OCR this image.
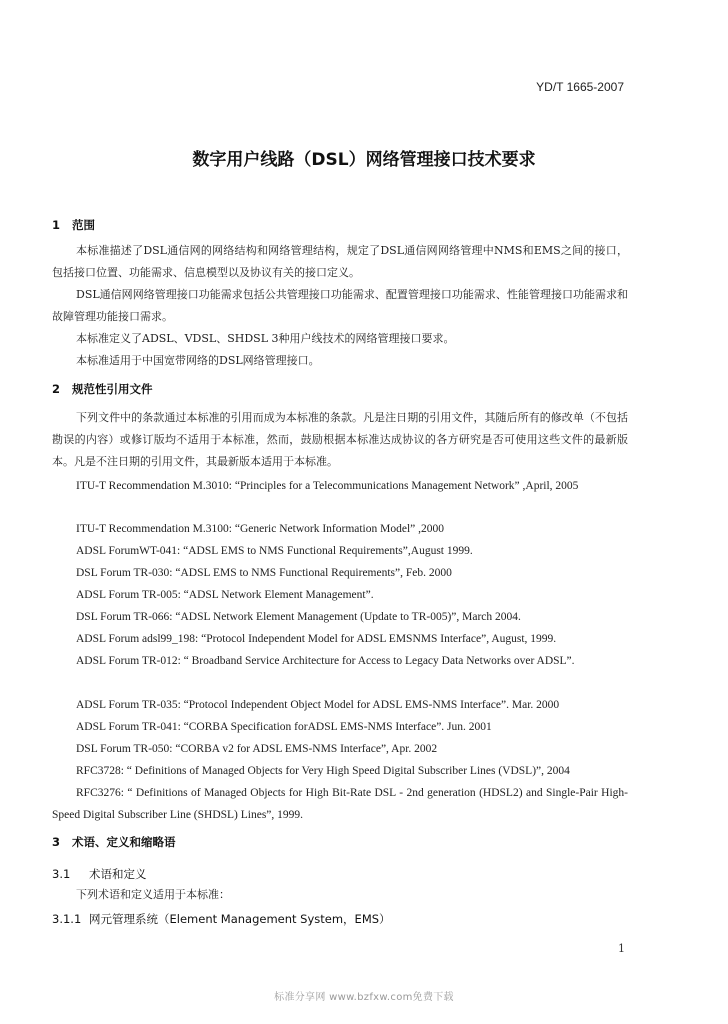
YD/T 1665-2007
数字用户线路（DSL）网络管理接口技术要求
1 范围
本标准描述了DSL通信网的网络结构和网络管理结构，规定了DSL通信网网络管理中NMS和EMS之间的接口，包括接口位置、功能需求、信息模型以及协议有关的接口定义。
DSL通信网网络管理接口功能需求包括公共管理接口功能需求、配置管理接口功能需求、性能管理接口功能需求和故障管理功能接口需求。
本标准定义了ADSL、VDSL、SHDSL 3种用户线技术的网络管理接口要求。
本标准适用于中国宽带网络的DSL网络管理接口。
2 规范性引用文件
下列文件中的条款通过本标准的引用而成为本标准的条款。凡是注日期的引用文件，其随后所有的修改单（不包括勘误的内容）或修订版均不适用于本标准，然而，鼓励根据本标准达成协议的各方研究是否可使用这些文件的最新版本。凡是不注日期的引用文件，其最新版本适用于本标准。
ITU-T Recommendation M.3010: “Principles for a Telecommunications Management Network” ,April, 2005
ITU-T Recommendation M.3100: “Generic Network Information Model” ,2000
ADSL ForumWT-041: “ADSL EMS to NMS Functional Requirements”,August 1999.
DSL Forum TR-030: “ADSL EMS to NMS Functional Requirements”, Feb. 2000
ADSL Forum TR-005: “ADSL Network Element Management”.
DSL Forum TR-066: “ADSL Network Element Management (Update to TR-005)”, March 2004.
ADSL Forum adsl99_198: “Protocol Independent Model for ADSL EMSNMS Interface”, August, 1999.
ADSL Forum TR-012: “ Broadband Service Architecture for Access to Legacy Data Networks over ADSL”.
ADSL Forum TR-035: “Protocol Independent Object Model for ADSL EMS-NMS Interface”. Mar. 2000
ADSL Forum TR-041: “CORBA Specification forADSL EMS-NMS Interface”. Jun. 2001
DSL Forum TR-050: “CORBA v2 for ADSL EMS-NMS Interface”, Apr. 2002
RFC3728: “ Definitions of Managed Objects for Very High Speed Digital Subscriber Lines (VDSL)”, 2004
RFC3276: “ Definitions of Managed Objects for High Bit-Rate DSL - 2nd generation (HDSL2) and Single-Pair High-Speed Digital Subscriber Line (SHDSL) Lines”, 1999.
3 术语、定义和缩略语
3.1 术语和定义
下列术语和定义适用于本标准：
3.1.1 网元管理系统（Element Management System，EMS）
1
标准分享网 www.bzfxw.com免费下载
